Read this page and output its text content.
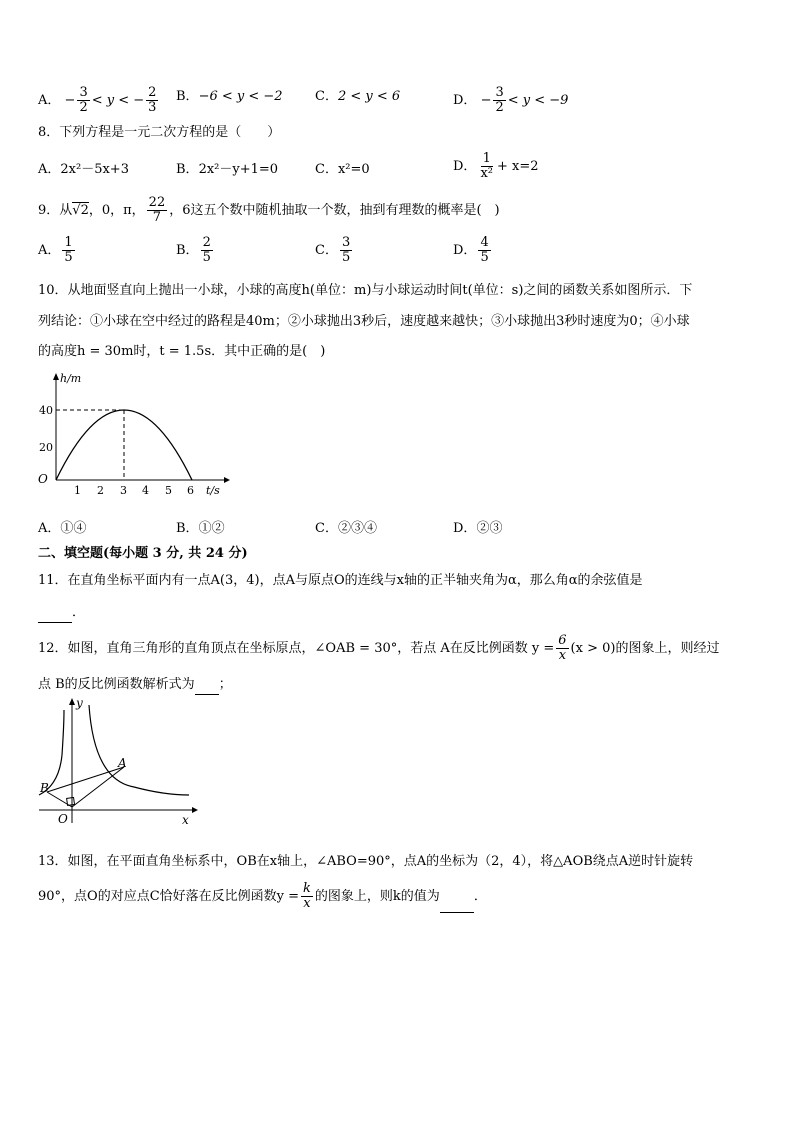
A． − $\frac{3}{2} < y$ < − $\frac{2}{3}$ B．−6 < y < −2 C．2 < y < 6	D． − $\frac{3}{2} < y < -9$
8．下列方程是一元二次方程的是（　　）
A．2x²－5x+3	B．2x²－y+1=0	C．x²=0	D． $\frac{1}{\text{x²}} + x=2$
9．从√2，0，π， $\frac{22}{7}$ ，6这五个数中随机抽取一个数，抽到有理数的概率是(　)
A． $\frac{1}{5}$	B． $\frac{2}{5}$	C． $\frac{3}{5}$	D． $\frac{4}{5}$
10．从地面竖直向上抛出一小球，小球的高度h(单位：m)与小球运动时间t(单位：s)之间的函数关系如图所示．下
列结论：①小球在空中经过的路程是40m；②小球抛出3秒后，速度越来越快；③小球抛出3秒时速度为0；④小球
的高度h = 30m时，t = 1.5s．其中正确的是(　)
h/m
t/s
O
20
40
1 2 3 4 5 6
A．①④	B．①②	C．②③④	D．②③
二、填空题(每小题 3 分, 共 24 分)
11．在直角坐标平面内有一点A(3，4)，点A与原点O的连线与x轴的正半轴夹角为α，那么角α的余弦值是
．
12．如图，直角三角形的直角顶点在坐标原点，∠OAB = 30°，若点 A在反比例函数 $y = \frac{6}{x} (x > 0)$的图象上，则经过
点 B的反比例函数解析式为 ；
y
x
O
A
B
13．如图，在平面直角坐标系中，OB在x轴上，∠ABO=90°，点A的坐标为（2，4），将△AOB绕点A逆时针旋转
90°，点O的对应点C恰好落在反比例函数$y = \frac{k}{x}$ 的图象上，则k的值为	．
